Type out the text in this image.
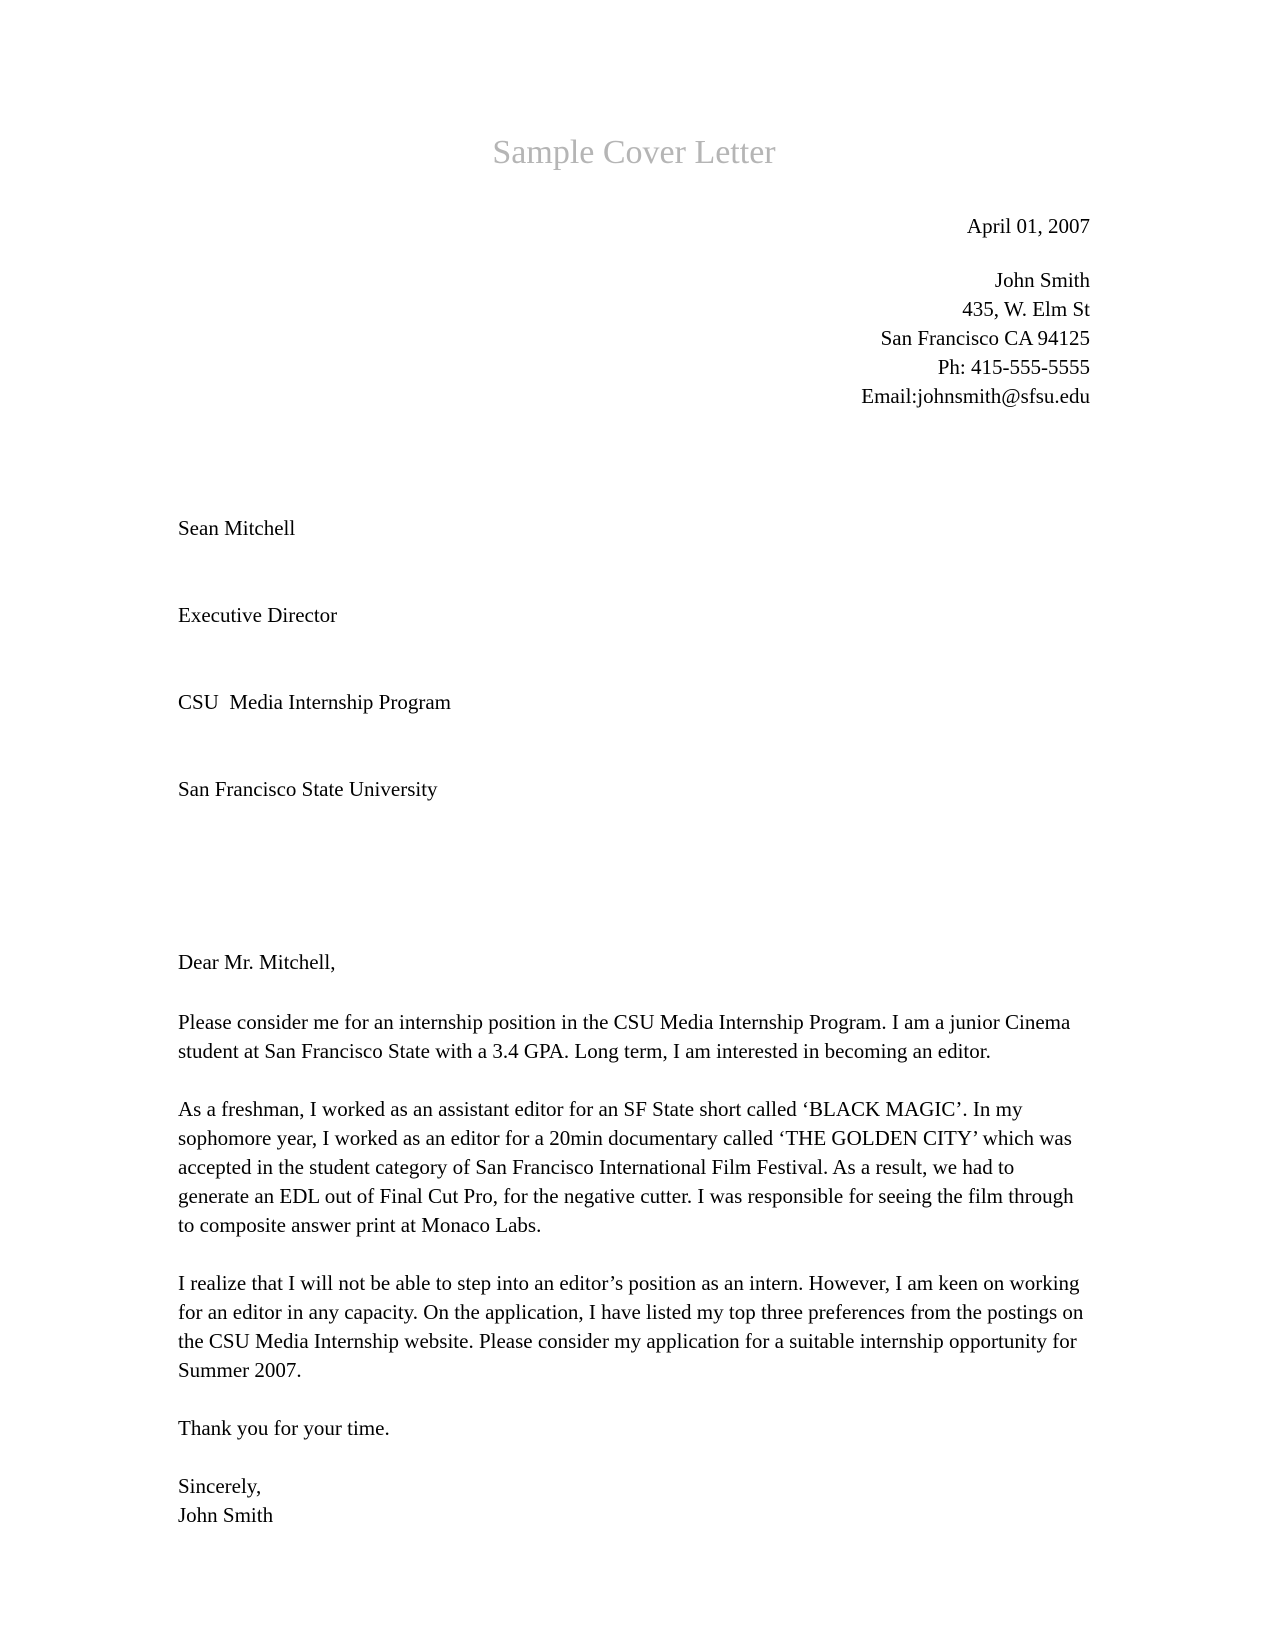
Sample Cover Letter
April 01, 2007
John Smith
435, W. Elm St
San Francisco CA 94125
Ph: 415-555-5555
Email:johnsmith@sfsu.edu

Sean Mitchell

Executive Director

CSU  Media Internship Program

San Francisco State University

Dear Mr. Mitchell,

Please consider me for an internship position in the CSU Media Internship Program. I am a junior Cinema student at San Francisco State with a 3.4 GPA. Long term, I am interested in becoming an editor.

As a freshman, I worked as an assistant editor for an SF State short called ‘BLACK MAGIC’. In my sophomore year, I worked as an editor for a 20min documentary called ‘THE GOLDEN CITY’ which was accepted in the student category of San Francisco International Film Festival. As a result, we had to generate an EDL out of Final Cut Pro, for the negative cutter. I was responsible for seeing the film through to composite answer print at Monaco Labs.

I realize that I will not be able to step into an editor’s position as an intern. However, I am keen on working for an editor in any capacity. On the application, I have listed my top three preferences from the postings on the CSU Media Internship website. Please consider my application for a suitable internship opportunity for Summer 2007.

Thank you for your time.
Sincerely,
John Smith
